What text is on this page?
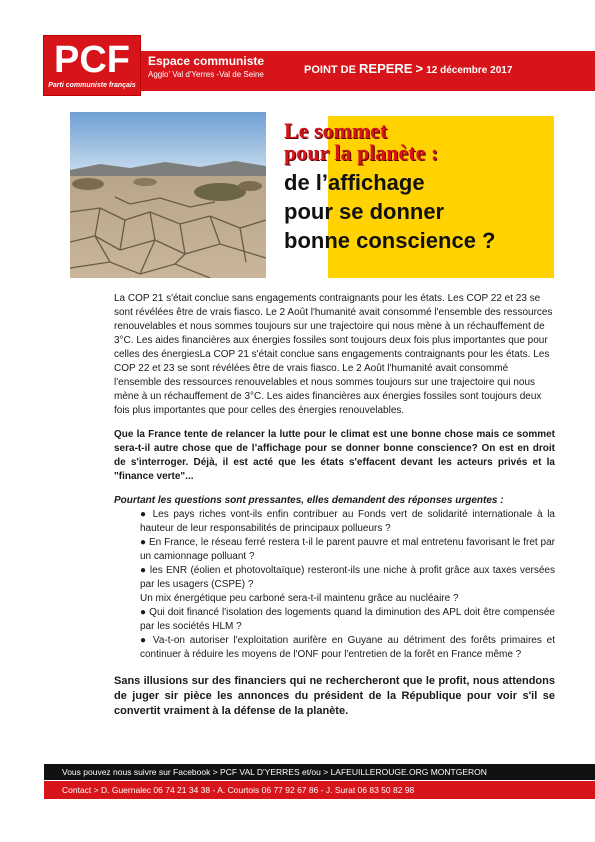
PCF
Parti communiste français
Espace communiste
Agglo' Val d'Yerres -Val de Seine	POINT DE REPERE > 12 décembre 2017
Le sommet
pour la planète :
de l’affichage
pour se donner
bonne conscience ?

La COP 21 s'était conclue sans engagements contraignants pour les états. Les COP 22 et 23 se sont révélées être de vrais fiasco. Le 2 Août l'humanité avait consommé l'ensemble des ressources renouvelables et nous sommes toujours sur une trajectoire qui nous mène à un réchauffement de 3°C. Les aides financières aux énergies fossiles sont toujours deux fois plus importantes que pour celles des énergiesLa COP 21 s'était conclue sans engagements contraignants pour les états. Les COP 22 et 23 se sont révélées être de vrais fiasco. Le 2 Août l'humanité avait consommé l'ensemble des ressources renouvelables et nous sommes toujours sur une trajectoire qui nous mène à un réchauffement de 3°C. Les aides financières aux énergies fossiles sont toujours deux fois plus importantes que pour celles des énergies renouvelables.

Que la France tente de relancer la lutte pour le climat est une bonne chose mais ce sommet sera-t-il autre chose que de l’affichage pour se donner bonne conscience? On est en droit de s'interroger. Déjà, il est acté que les états s'effacent devant les acteurs privés et la "finance verte"...

Pourtant les questions sont pressantes, elles demandent des réponses urgentes :

● Les pays riches vont-ils enfin contribuer au Fonds vert de solidarité internationale à la hauteur de leur responsabilités de principaux pollueurs ?
● En France, le réseau ferré restera t-il le parent pauvre et mal entretenu favorisant le fret par un camionnage polluant ?
● les ENR (éolien et photovoltaïque) resteront-ils une niche à profit grâce aux taxes versées par les usagers (CSPE) ?
Un mix énergétique peu carboné sera-t-il maintenu grâce au nucléaire ?
● Qui doit financé l'isolation des logements quand la diminution des APL doit être compensée par les sociétés HLM ?
● Va-t-on autoriser l'exploitation aurifère en Guyane au détriment des forêts primaires et continuer à réduire les moyens de l'ONF pour l'entretien de la forêt en France même ?

Sans illusions sur des financiers qui ne rechercheront que le profit, nous attendons de juger sir pièce les annonces du président de la République pour voir s'il se convertit vraiment à la défense de la planète.

Vous pouvez nous suivre sur Facebook > PCF VAL D'YERRES et/ou > LAFEUILLEROUGE.ORG MONTGERON
Contact > D. Guernalec 06 74 21 34 38 - A. Courtois 06 77 92 67 86 - J. Surat 06 83 50 82 98
